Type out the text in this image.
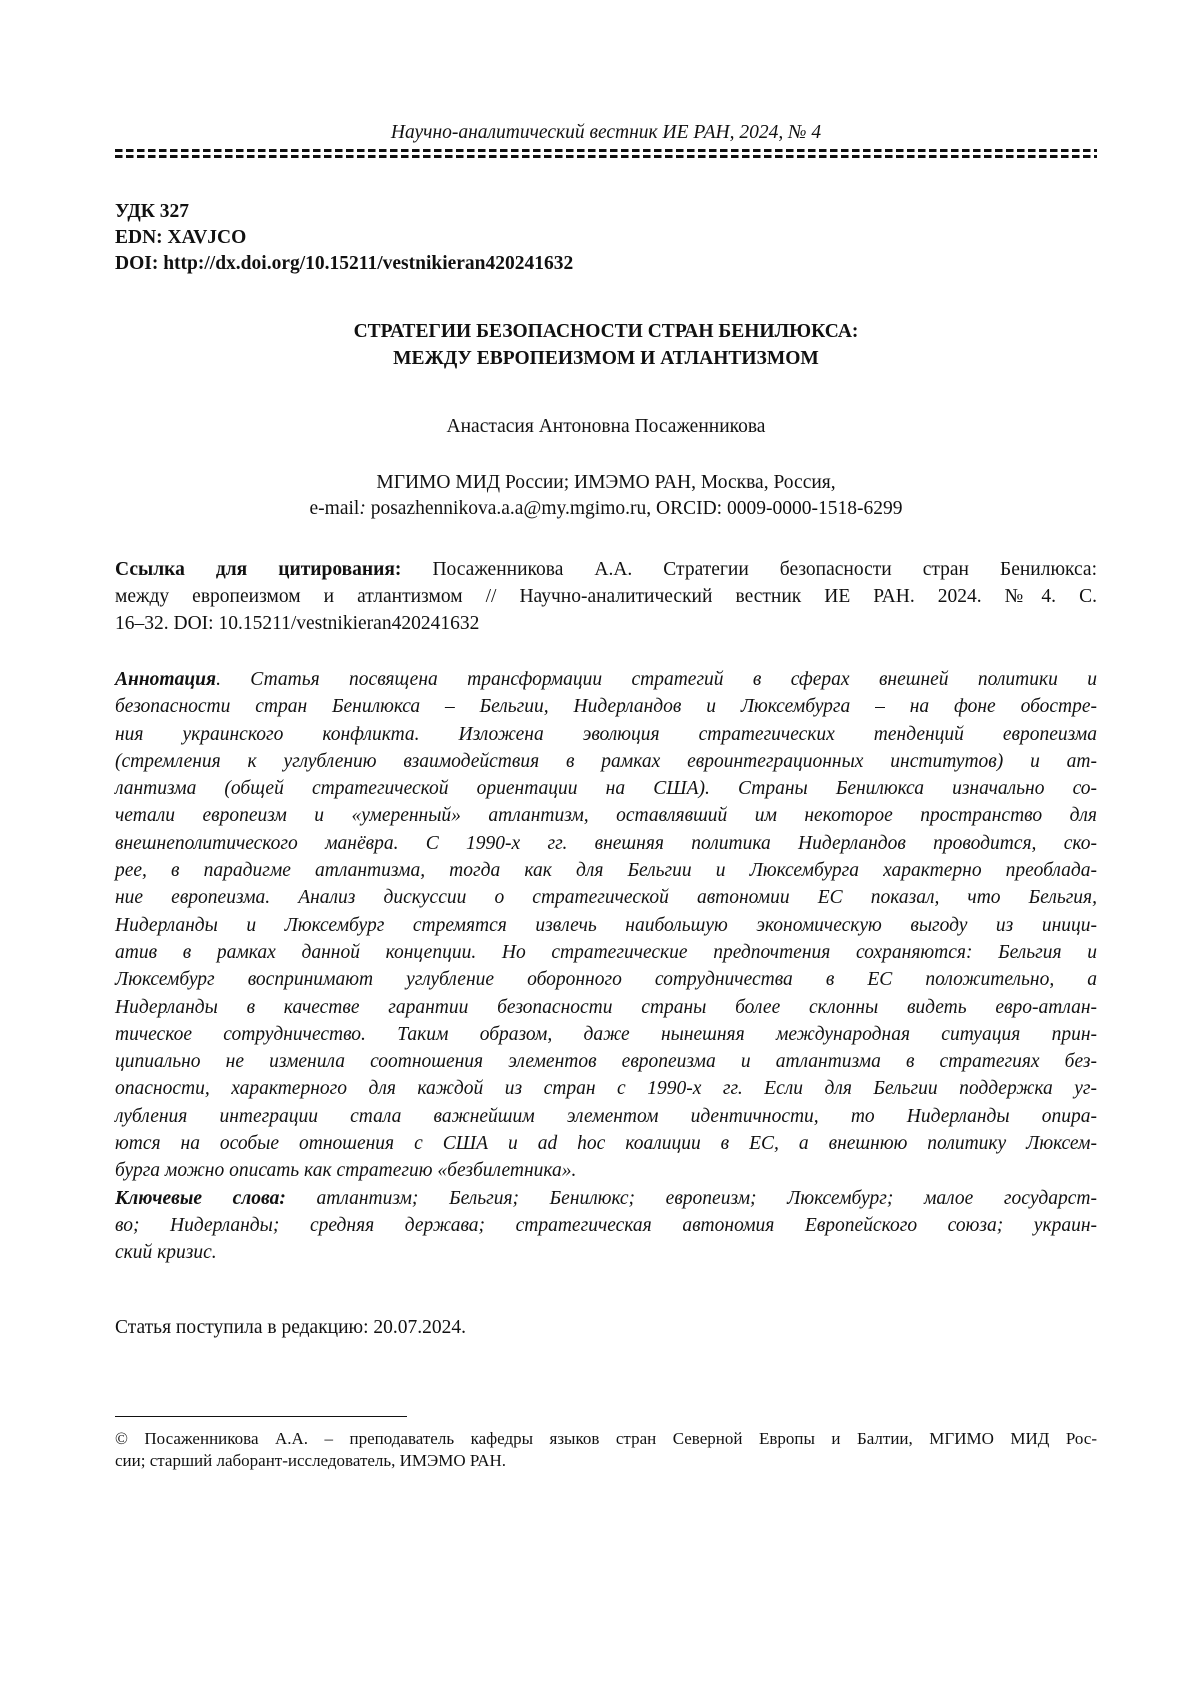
Научно-аналитический вестник ИЕ РАН, 2024, № 4
УДК 327
EDN: XAVJCO
DOI: http://dx.doi.org/10.15211/vestnikieran420241632
СТРАТЕГИИ БЕЗОПАСНОСТИ СТРАН БЕНИЛЮКСА:
МЕЖДУ ЕВРОПЕИЗМОМ И АТЛАНТИЗМОМ
Анастасия Антоновна Посаженникова
МГИМО МИД России; ИМЭМО РАН, Москва, Россия,
e-mail: posazhennikova.a.a@my.mgimo.ru, ORCID: 0009-0000-1518-6299
Ссылка для цитирования: Посаженникова А.А. Стратегии безопасности стран Бенилюкса:
между европеизмом и атлантизмом // Научно-аналитический вестник ИЕ РАН. 2024. №4. С.
16–32. DOI: 10.15211/vestnikieran420241632
Аннотация. Статья посвящена трансформации стратегий в сферах внешней политики и
безопасности стран Бенилюкса – Бельгии, Нидерландов и Люксембурга – на фоне обостре-
ния украинского конфликта. Изложена эволюция стратегических тенденций европеизма
(стремления к углублению взаимодействия в рамках евроинтеграционных институтов) и ат-
лантизма (общей стратегической ориентации на США). Страны Бенилюкса изначально со-
четали европеизм и «умеренный» атлантизм, оставлявший им некоторое пространство для
внешнеполитического манёвра. С 1990-х гг. внешняя политика Нидерландов проводится, ско-
рее, в парадигме атлантизма, тогда как для Бельгии и Люксембурга характерно преоблада-
ние европеизма. Анализ дискуссии о стратегической автономии ЕС показал, что Бельгия,
Нидерланды и Люксембург стремятся извлечь наибольшую экономическую выгоду из иници-
атив в рамках данной концепции. Но стратегические предпочтения сохраняются: Бельгия и
Люксембург воспринимают углубление оборонного сотрудничества в ЕС положительно, а
Нидерланды в качестве гарантии безопасности страны более склонны видеть евро-атлан-
тическое сотрудничество. Таким образом, даже нынешняя международная ситуация прин-
ципиально не изменила соотношения элементов европеизма и атлантизма в стратегиях без-
опасности, характерного для каждой из стран с 1990-х гг. Если для Бельгии поддержка уг-
лубления интеграции стала важнейшим элементом идентичности, то Нидерланды опира-
ются на особые отношения с США и ad hoc коалиции в ЕС, а внешнюю политику Люксем-
бурга можно описать как стратегию «безбилетника».
Ключевые слова: атлантизм; Бельгия; Бенилюкс; европеизм; Люксембург; малое государст-
во; Нидерланды; средняя держава; стратегическая автономия Европейского союза; украин-
ский кризис.
Статья поступила в редакцию: 20.07.2024.
© Посаженникова А.А. – преподаватель кафедры языков стран Северной Европы и Балтии, МГИМО МИД Рос-
сии; старший лаборант-исследователь, ИМЭМО РАН.
